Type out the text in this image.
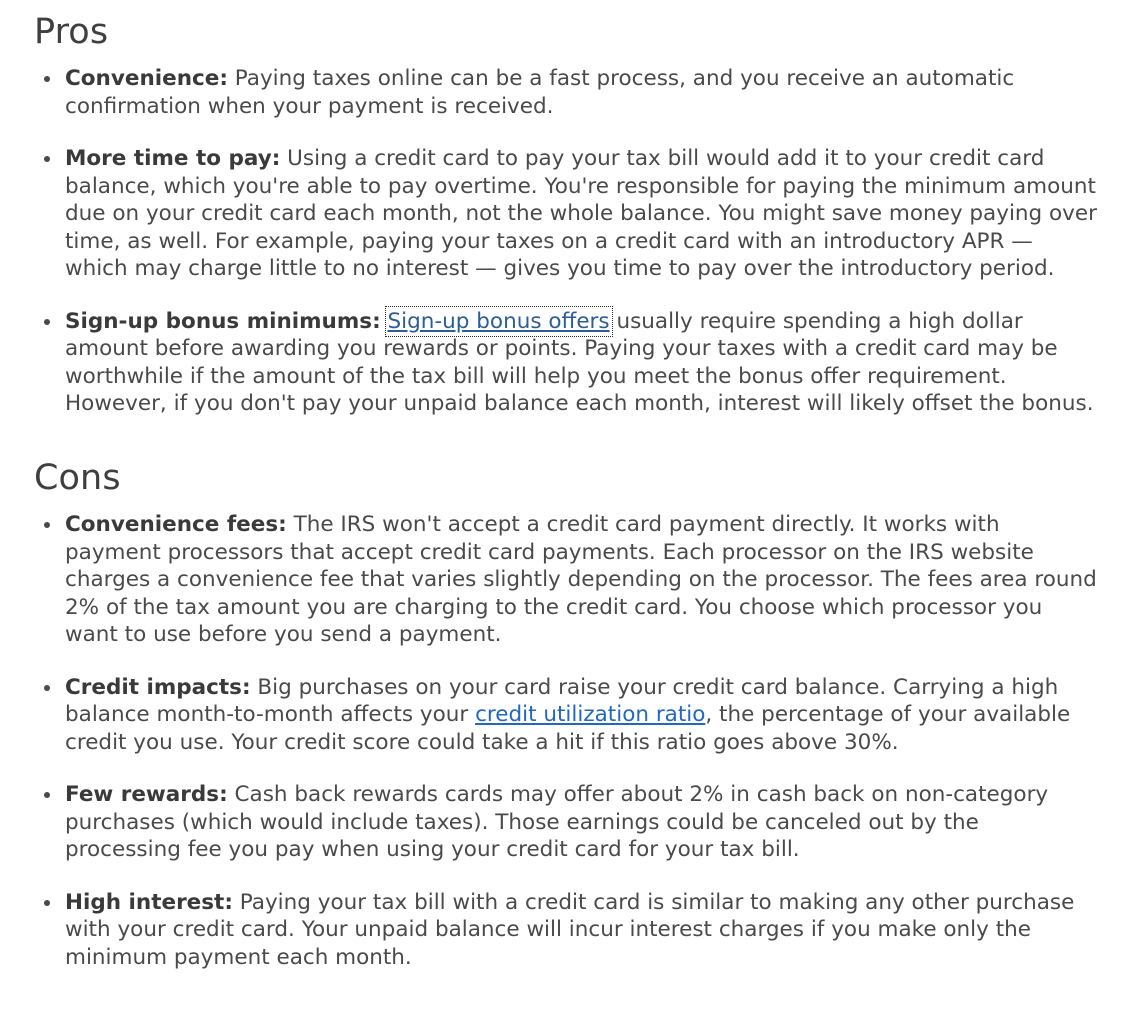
Pros
Convenience: Paying taxes online can be a fast process, and you receive an automatic confirmation when your payment is received.
More time to pay: Using a credit card to pay your tax bill would add it to your credit card balance, which you're able to pay overtime. You're responsible for paying the minimum amount due on your credit card each month, not the whole balance. You might save money paying over time, as well. For example, paying your taxes on a credit card with an introductory APR — which may charge little to no interest — gives you time to pay over the introductory period.
Sign-up bonus minimums: Sign-up bonus offers usually require spending a high dollar amount before awarding you rewards or points. Paying your taxes with a credit card may be worthwhile if the amount of the tax bill will help you meet the bonus offer requirement. However, if you don't pay your unpaid balance each month, interest will likely offset the bonus.
Cons
Convenience fees: The IRS won't accept a credit card payment directly. It works with payment processors that accept credit card payments. Each processor on the IRS website charges a convenience fee that varies slightly depending on the processor. The fees area round 2% of the tax amount you are charging to the credit card. You choose which processor you want to use before you send a payment.
Credit impacts: Big purchases on your card raise your credit card balance. Carrying a high balance month-to-month affects your credit utilization ratio, the percentage of your available credit you use. Your credit score could take a hit if this ratio goes above 30%.
Few rewards: Cash back rewards cards may offer about 2% in cash back on non-category purchases (which would include taxes). Those earnings could be canceled out by the processing fee you pay when using your credit card for your tax bill.
High interest: Paying your tax bill with a credit card is similar to making any other purchase with your credit card. Your unpaid balance will incur interest charges if you make only the minimum payment each month.
